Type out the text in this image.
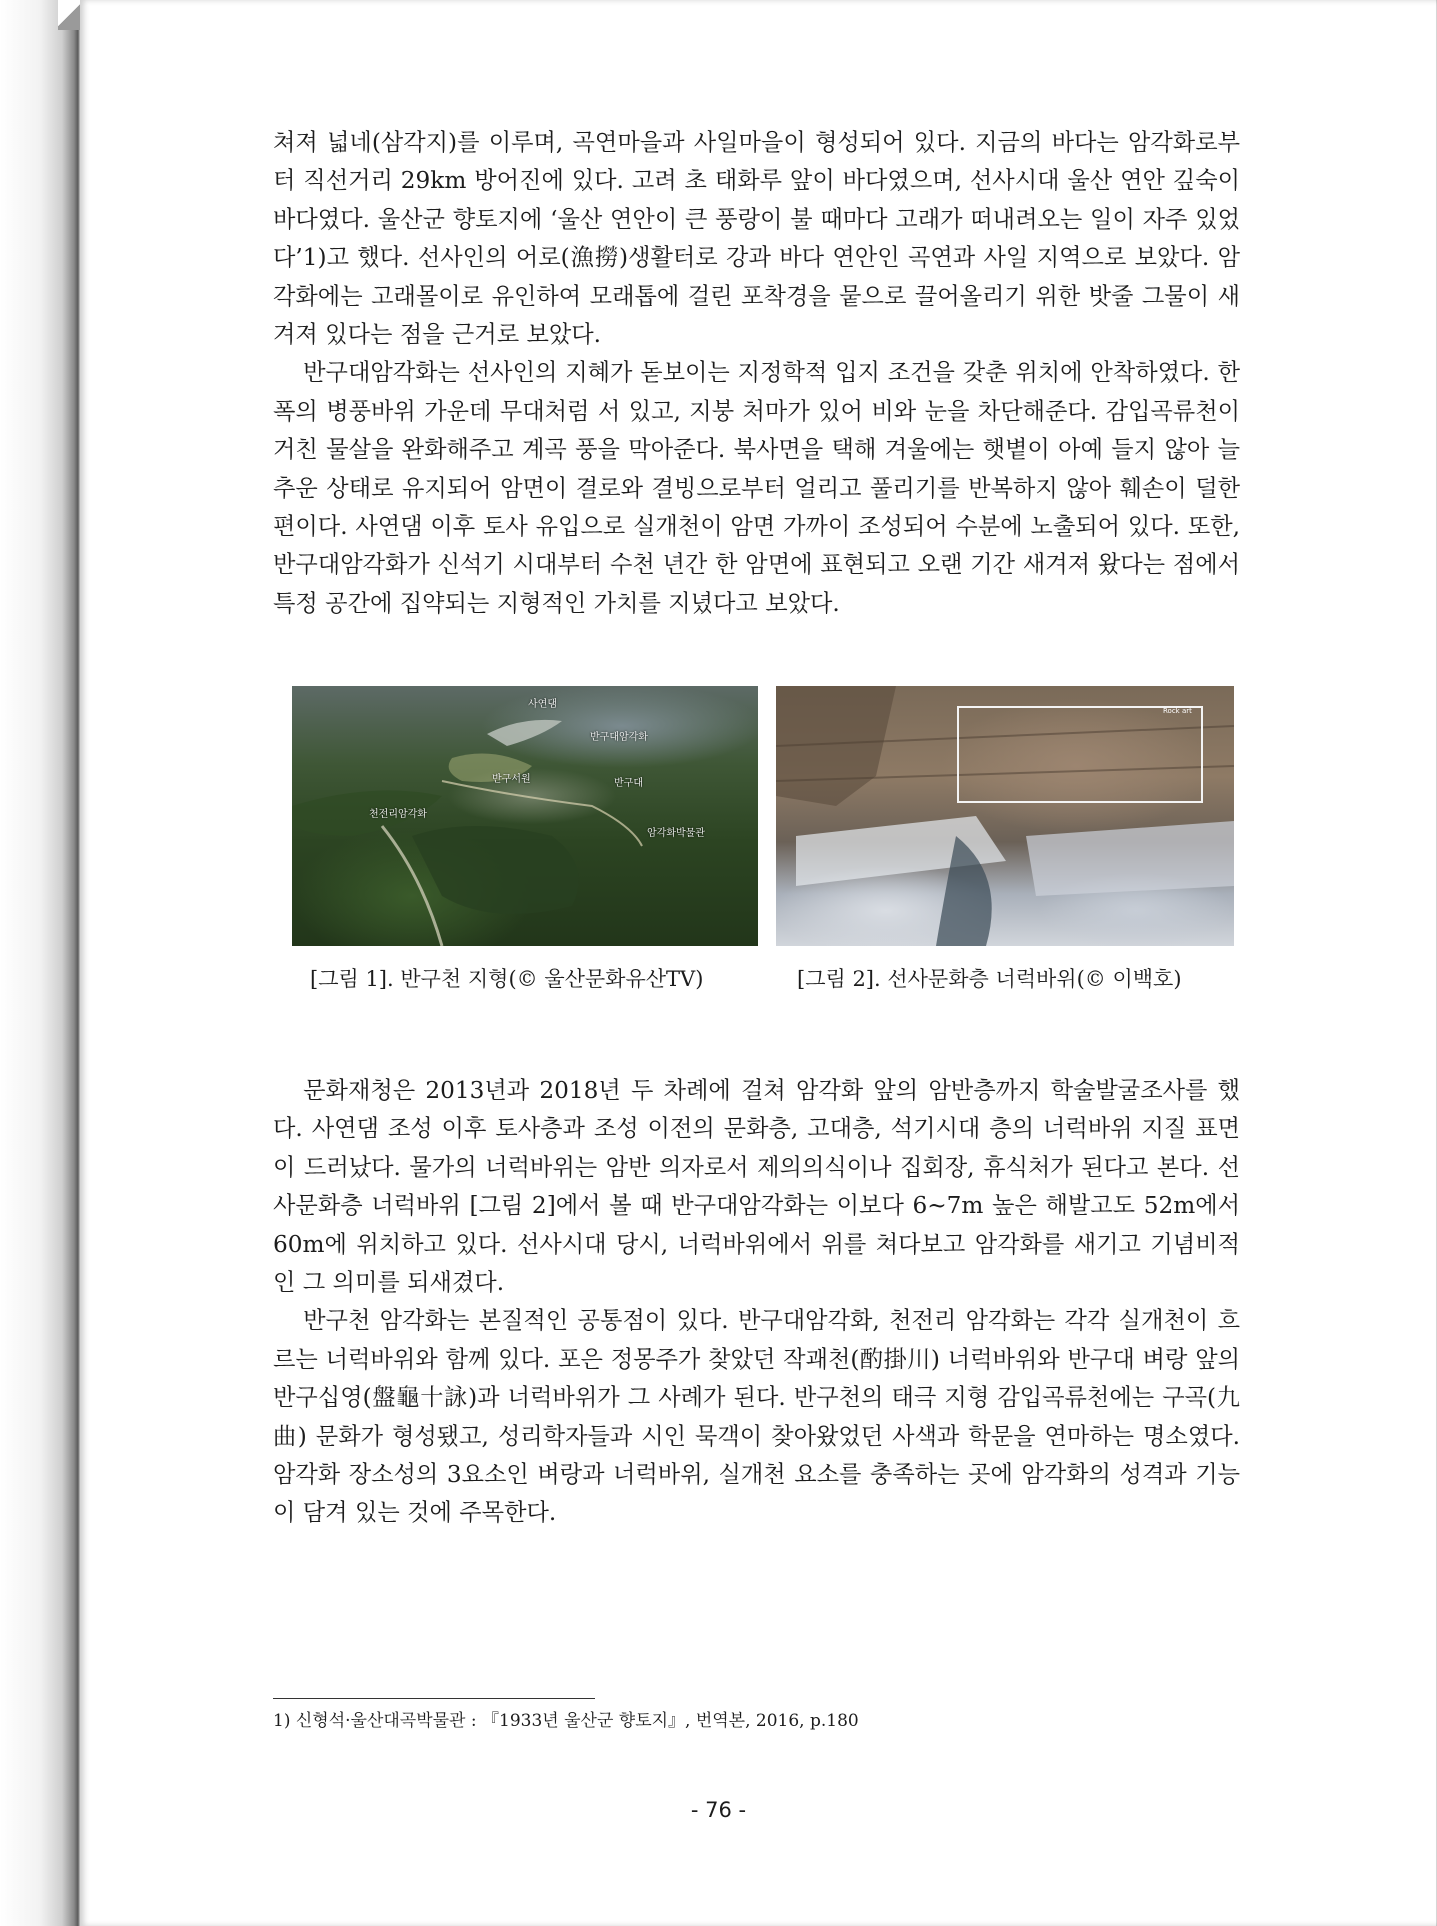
쳐져 넓네(삼각지)를 이루며, 곡연마을과 사일마을이 형성되어 있다. 지금의 바다는 암각화로부터 직선거리 29km 방어진에 있다. 고려 초 태화루 앞이 바다였으며, 선사시대 울산 연안 깊숙이 바다였다. 울산군 향토지에 ‘울산 연안이 큰 풍랑이 불 때마다 고래가 떠내려오는 일이 자주 있었다’1)고 했다. 선사인의 어로(漁撈)생활터로 강과 바다 연안인 곡연과 사일 지역으로 보았다. 암각화에는 고래몰이로 유인하여 모래톱에 걸린 포착경을 뭍으로 끌어올리기 위한 밧줄 그물이 새겨져 있다는 점을 근거로 보았다.

반구대암각화는 선사인의 지혜가 돋보이는 지정학적 입지 조건을 갖춘 위치에 안착하였다. 한 폭의 병풍바위 가운데 무대처럼 서 있고, 지붕 처마가 있어 비와 눈을 차단해준다. 감입곡류천이 거친 물살을 완화해주고 계곡 풍을 막아준다. 북사면을 택해 겨울에는 햇볕이 아예 들지 않아 늘 추운 상태로 유지되어 암면이 결로와 결빙으로부터 얼리고 풀리기를 반복하지 않아 훼손이 덜한 편이다. 사연댐 이후 토사 유입으로 실개천이 암면 가까이 조성되어 수분에 노출되어 있다. 또한, 반구대암각화가 신석기 시대부터 수천 년간 한 암면에 표현되고 오랜 기간 새겨져 왔다는 점에서 특정 공간에 집약되는 지형적인 가치를 지녔다고 보았다.

사연댐
반구대암각화
반구서원	반구대
천전리암각화
암각화박물관
Rock art
[그림 1]. 반구천 지형(© 울산문화유산TV)	[그림 2]. 선사문화층 너럭바위(© 이백호)

문화재청은 2013년과 2018년 두 차례에 걸쳐 암각화 앞의 암반층까지 학술발굴조사를 했다. 사연댐 조성 이후 토사층과 조성 이전의 문화층, 고대층, 석기시대 층의 너럭바위 지질 표면이 드러났다. 물가의 너럭바위는 암반 의자로서 제의의식이나 집회장, 휴식처가 된다고 본다. 선사문화층 너럭바위 [그림 2]에서 볼 때 반구대암각화는 이보다 6~7m 높은 해발고도 52m에서 60m에 위치하고 있다. 선사시대 당시, 너럭바위에서 위를 쳐다보고 암각화를 새기고 기념비적인 그 의미를 되새겼다.

반구천 암각화는 본질적인 공통점이 있다. 반구대암각화, 천전리 암각화는 각각 실개천이 흐르는 너럭바위와 함께 있다. 포은 정몽주가 찾았던 작괘천(酌掛川) 너럭바위와 반구대 벼랑 앞의 반구십영(盤龜十詠)과 너럭바위가 그 사례가 된다. 반구천의 태극 지형 감입곡류천에는 구곡(九曲) 문화가 형성됐고, 성리학자들과 시인 묵객이 찾아왔었던 사색과 학문을 연마하는 명소였다. 암각화 장소성의 3요소인 벼랑과 너럭바위, 실개천 요소를 충족하는 곳에 암각화의 성격과 기능이 담겨 있는 것에 주목한다.

1) 신형석·울산대곡박물관 : 『1933년 울산군 향토지』, 번역본, 2016, p.180
- 76 -
